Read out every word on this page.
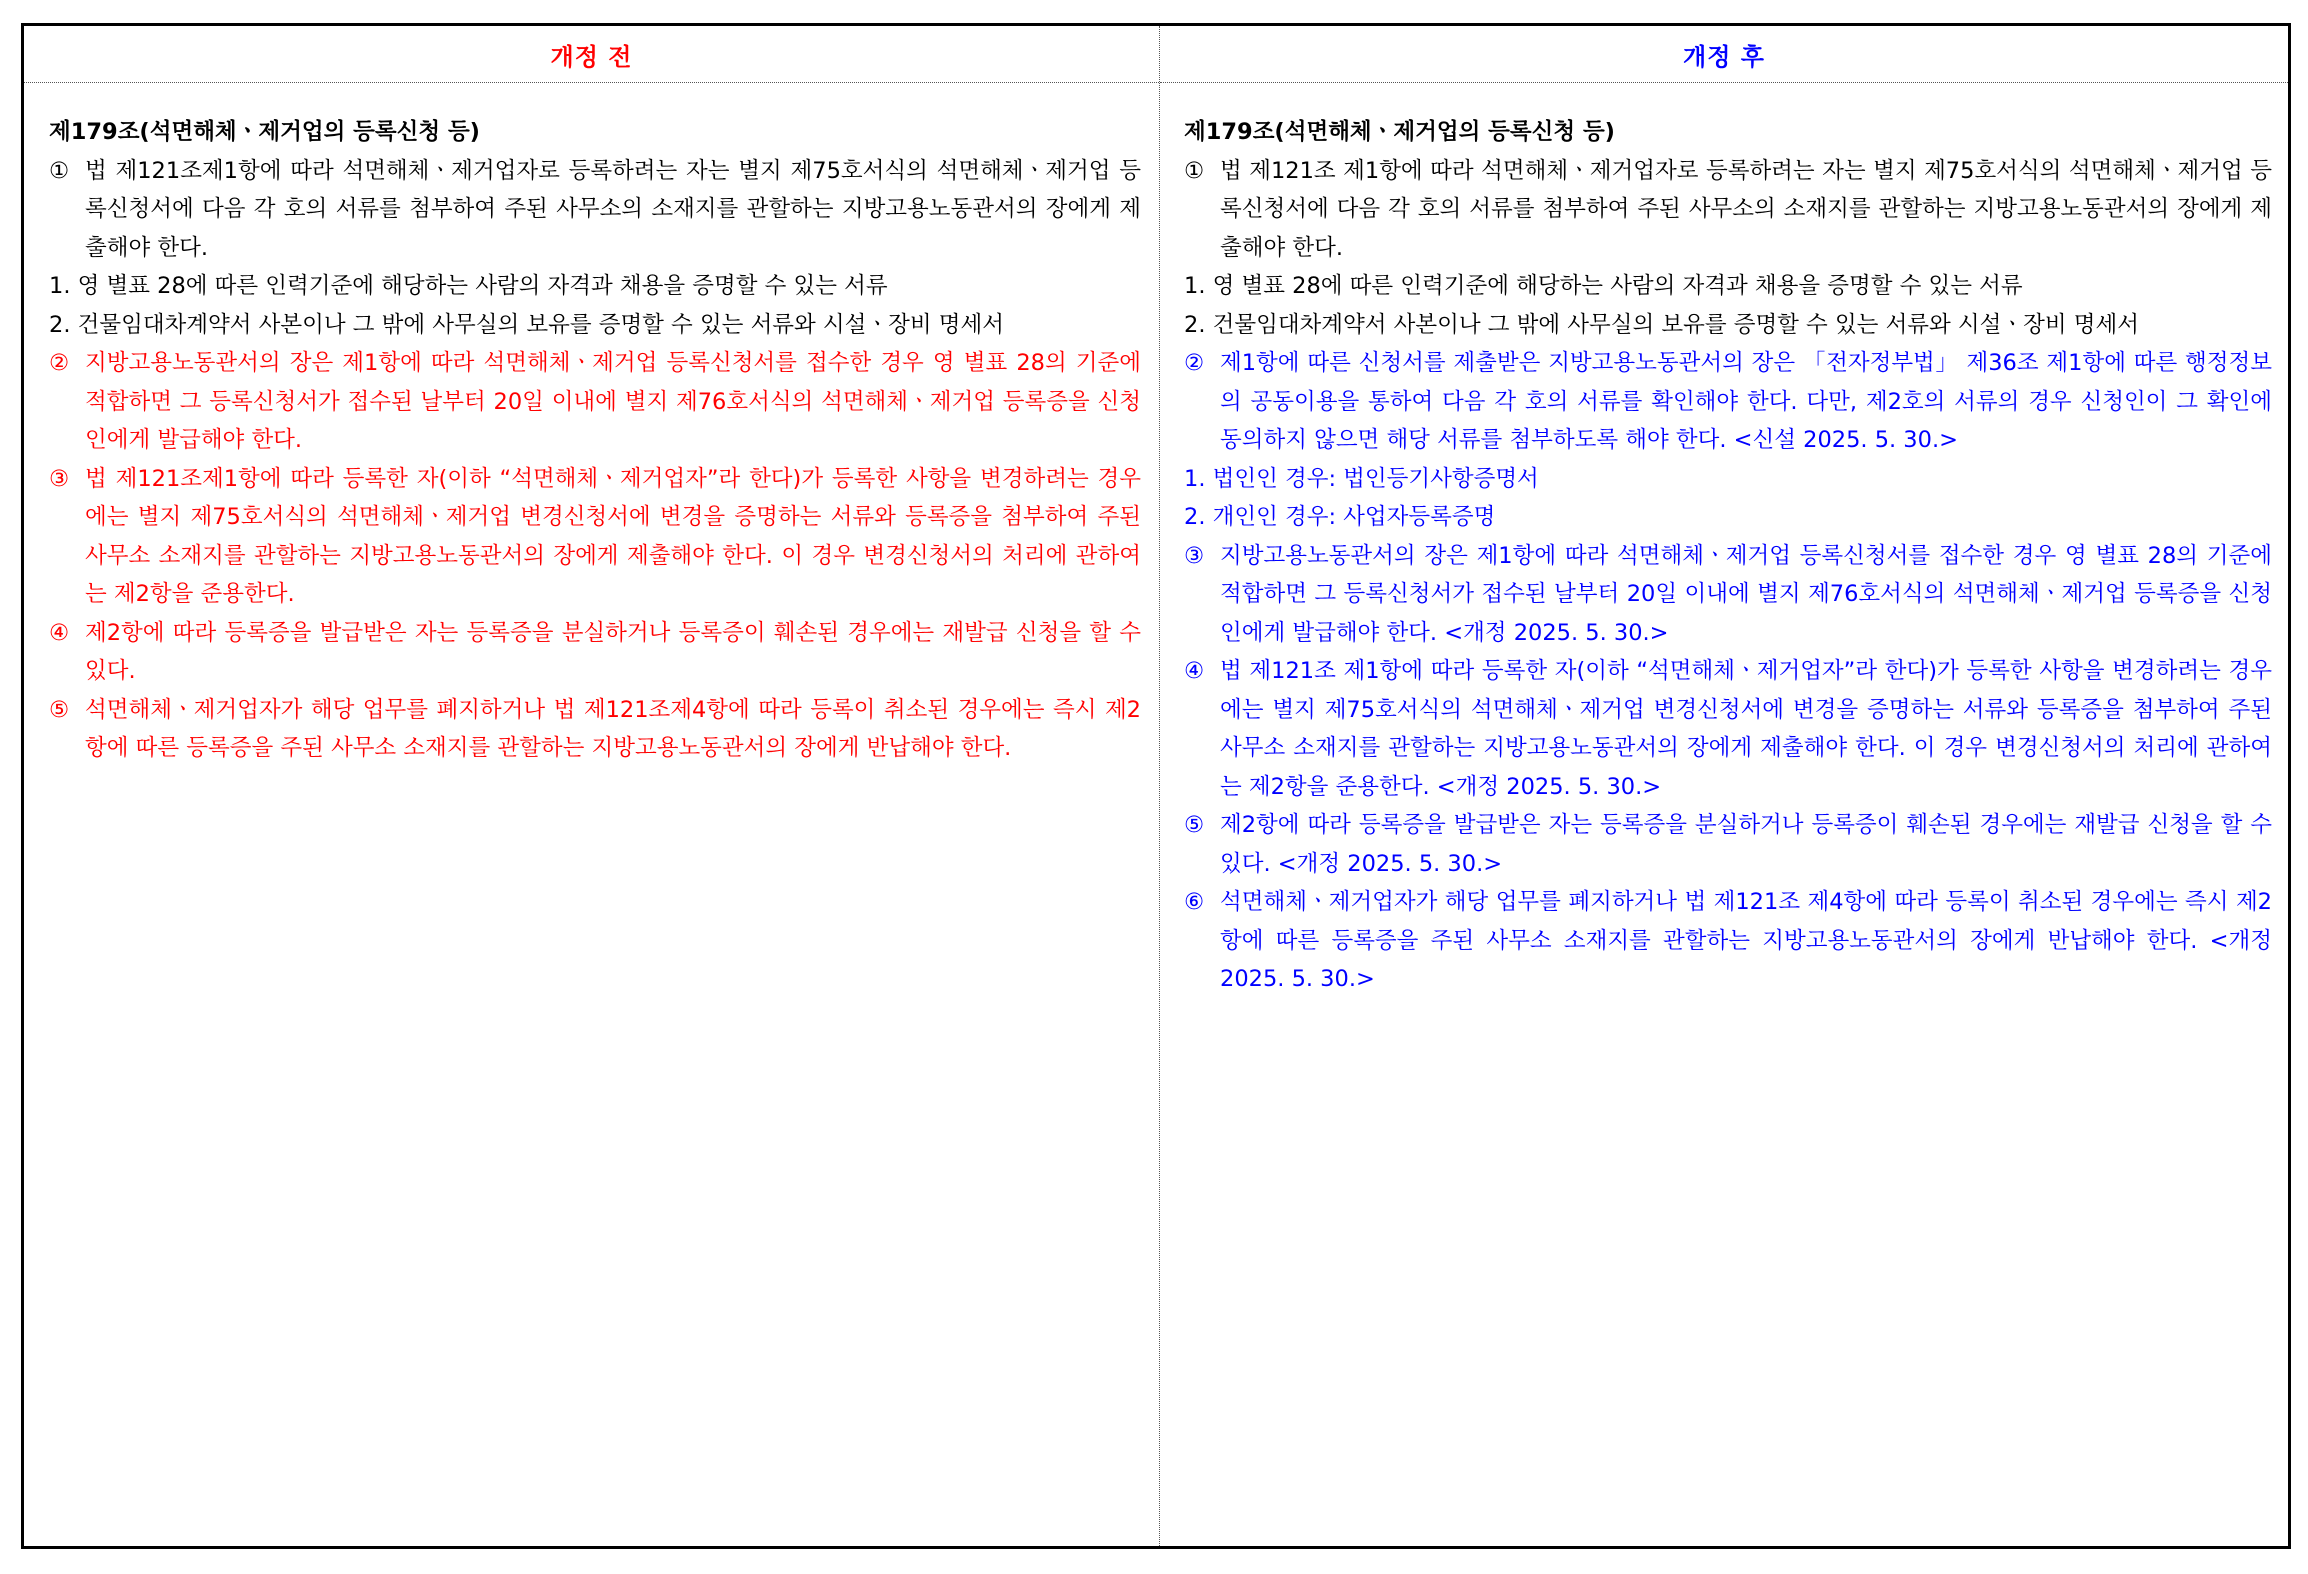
개정 전
제179조(석면해체ㆍ제거업의 등록신청 등)
① 법 제121조제1항에 따라 석면해체ㆍ제거업자로 등록하려는 자는 별지 제75호서식의 석면해체ㆍ제거업 등록신청서에 다음 각 호의 서류를 첨부하여 주된 사무소의 소재지를 관할하는 지방고용노동관서의 장에게 제출해야 한다.
1. 영 별표 28에 따른 인력기준에 해당하는 사람의 자격과 채용을 증명할 수 있는 서류
2. 건물임대차계약서 사본이나 그 밖에 사무실의 보유를 증명할 수 있는 서류와 시설ㆍ장비 명세서
② 지방고용노동관서의 장은 제1항에 따라 석면해체ㆍ제거업 등록신청서를 접수한 경우 영 별표 28의 기준에 적합하면 그 등록신청서가 접수된 날부터 20일 이내에 별지 제76호서식의 석면해체ㆍ제거업 등록증을 신청인에게 발급해야 한다.
③ 법 제121조제1항에 따라 등록한 자(이하 “석면해체ㆍ제거업자”라 한다)가 등록한 사항을 변경하려는 경우에는 별지 제75호서식의 석면해체ㆍ제거업 변경신청서에 변경을 증명하는 서류와 등록증을 첨부하여 주된 사무소 소재지를 관할하는 지방고용노동관서의 장에게 제출해야 한다. 이 경우 변경신청서의 처리에 관하여는 제2항을 준용한다.
④ 제2항에 따라 등록증을 발급받은 자는 등록증을 분실하거나 등록증이 훼손된 경우에는 재발급 신청을 할 수 있다.
⑤ 석면해체ㆍ제거업자가 해당 업무를 폐지하거나 법 제121조제4항에 따라 등록이 취소된 경우에는 즉시 제2항에 따른 등록증을 주된 사무소 소재지를 관할하는 지방고용노동관서의 장에게 반납해야 한다.
개정 후
제179조(석면해체ㆍ제거업의 등록신청 등)
① 법 제121조 제1항에 따라 석면해체ㆍ제거업자로 등록하려는 자는 별지 제75호서식의 석면해체ㆍ제거업 등록신청서에 다음 각 호의 서류를 첨부하여 주된 사무소의 소재지를 관할하는 지방고용노동관서의 장에게 제출해야 한다.
1. 영 별표 28에 따른 인력기준에 해당하는 사람의 자격과 채용을 증명할 수 있는 서류
2. 건물임대차계약서 사본이나 그 밖에 사무실의 보유를 증명할 수 있는 서류와 시설ㆍ장비 명세서
② 제1항에 따른 신청서를 제출받은 지방고용노동관서의 장은 「전자정부법」 제36조 제1항에 따른 행정정보의 공동이용을 통하여 다음 각 호의 서류를 확인해야 한다. 다만, 제2호의 서류의 경우 신청인이 그 확인에 동의하지 않으면 해당 서류를 첨부하도록 해야 한다. <신설 2025. 5. 30.>
1. 법인인 경우: 법인등기사항증명서
2. 개인인 경우: 사업자등록증명
③ 지방고용노동관서의 장은 제1항에 따라 석면해체ㆍ제거업 등록신청서를 접수한 경우 영 별표 28의 기준에 적합하면 그 등록신청서가 접수된 날부터 20일 이내에 별지 제76호서식의 석면해체ㆍ제거업 등록증을 신청인에게 발급해야 한다. <개정 2025. 5. 30.>
④ 법 제121조 제1항에 따라 등록한 자(이하 “석면해체ㆍ제거업자”라 한다)가 등록한 사항을 변경하려는 경우에는 별지 제75호서식의 석면해체ㆍ제거업 변경신청서에 변경을 증명하는 서류와 등록증을 첨부하여 주된 사무소 소재지를 관할하는 지방고용노동관서의 장에게 제출해야 한다. 이 경우 변경신청서의 처리에 관하여는 제2항을 준용한다. <개정 2025. 5. 30.>
⑤ 제2항에 따라 등록증을 발급받은 자는 등록증을 분실하거나 등록증이 훼손된 경우에는 재발급 신청을 할 수 있다. <개정 2025. 5. 30.>
⑥ 석면해체ㆍ제거업자가 해당 업무를 폐지하거나 법 제121조 제4항에 따라 등록이 취소된 경우에는 즉시 제2항에 따른 등록증을 주된 사무소 소재지를 관할하는 지방고용노동관서의 장에게 반납해야 한다. <개정 2025. 5. 30.>
